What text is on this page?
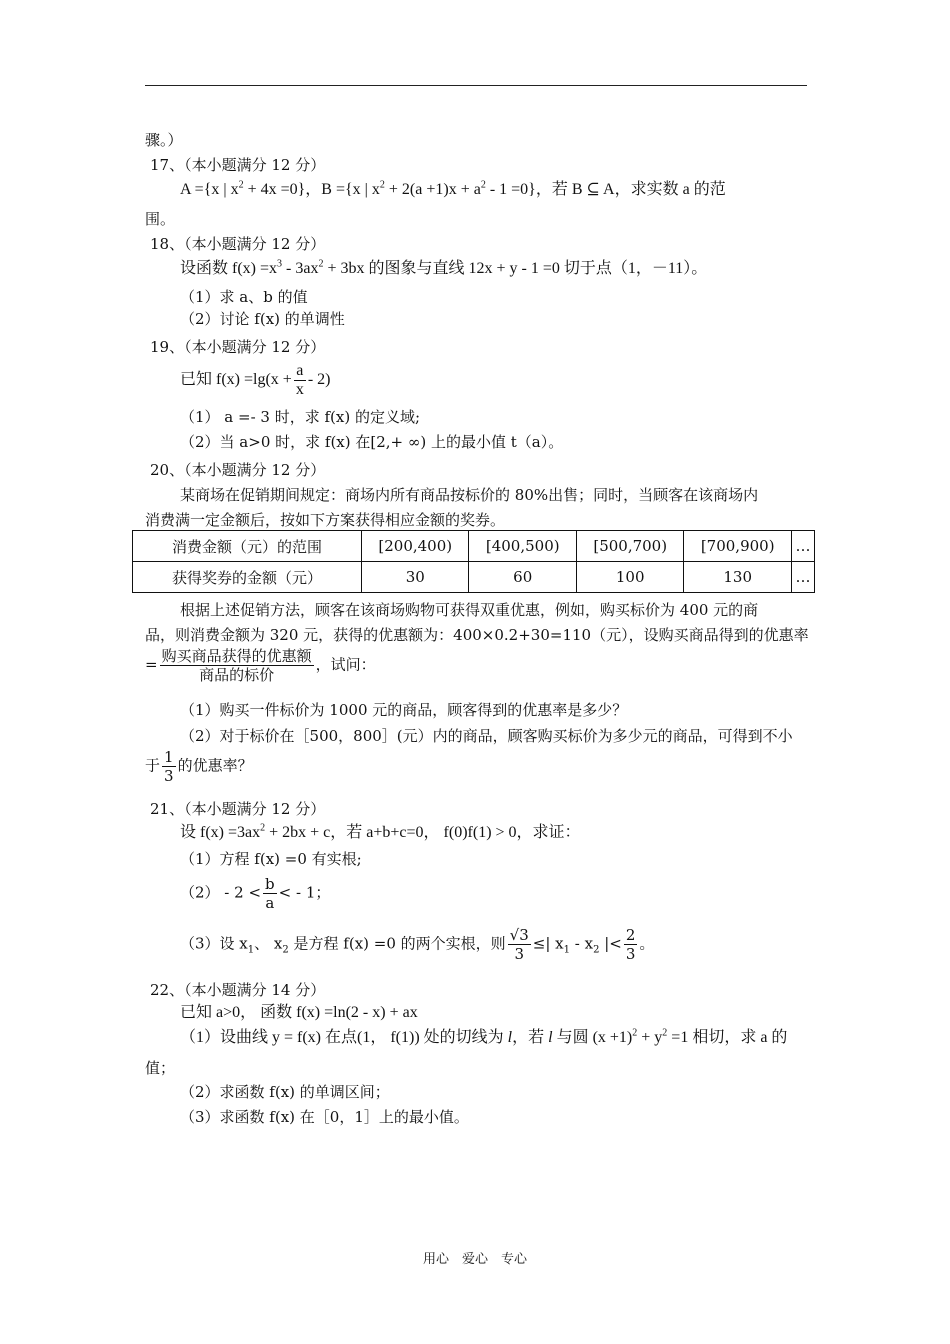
骤。）
17、（本小题满分 12 分）
A ={x | $x^2 + 4x =0$}，B ={x | $x^2 + 2(a +1)x + a^2 - 1 =0$}，若 B ⊆ A，求实数 a 的范
围。
18、（本小题满分 12 分）
设函数 $f(x) =x^3 - 3ax^2 + 3bx$ 的图象与直线 12x + y - 1 =0 切于点（1，－11）。
（1）求 a、b 的值
（2）讨论 f(x) 的单调性
19、（本小题满分 12 分）
已知 $f(x) =\lg(x + \frac{a}{x} - 2)$
（1） a =- 3 时，求 f(x) 的定义域;
（2）当 a>0 时，求 f(x) 在[2,+ ∞) 上的最小值 t（a）。
20、（本小题满分 12 分）
某商场在促销期间规定：商场内所有商品按标价的 80%出售；同时，当顾客在该商场内
消费满一定金额后，按如下方案获得相应金额的奖券。
消费金额（元）的范围	[200,400)	[400,500)	[500,700)	[700,900)	…
获得奖券的金额（元）	30	60	100	130	…
根据上述促销方法，顾客在该商场购物可获得双重优惠，例如，购买标价为 400 元的商
品，则消费金额为 320 元，获得的优惠额为：400×0.2+30=110（元），设购买商品得到的优惠率
= $\frac{\text{购买商品获得的优惠额}}{\text{商品的标价}}$ ，试问：
（1）购买一件标价为 1000 元的商品，顾客得到的优惠率是多少？
（2）对于标价在［500，800］(元）内的商品，顾客购买标价为多少元的商品，可得到不小
于 $\frac{1}{3}$ 的优惠率？
21、（本小题满分 12 分）
设 $f(x) =3ax^2 + 2bx + c$，若 a+b+c=0， f(0)f(1) > 0，求证：
（1）方程 f(x) =0 有实根;
$(2) - 2 < \frac{b}{a}$ < - 1；
（3）设 $x_1$、 $x_2$ 是方程 f(x) =0 的两个实根，则 $\frac{√3}{3}$ ≤| $x_1 - x_2$ |< $\frac{2}{3}$ 。
22、（本小题满分 14 分）
已知 a>0， 函数 f(x) =ln(2 - x) + ax
（1）设曲线 y = f(x) 在点(1， f(1)) 处的切线为 l，若 l 与圆 $(x +1)^2 + y^2 =1$ 相切，求 a 的
值；
（2）求函数 f(x) 的单调区间；
（3）求函数 f(x) 在［0，1］上的最小值。
用心　爱心　专心
